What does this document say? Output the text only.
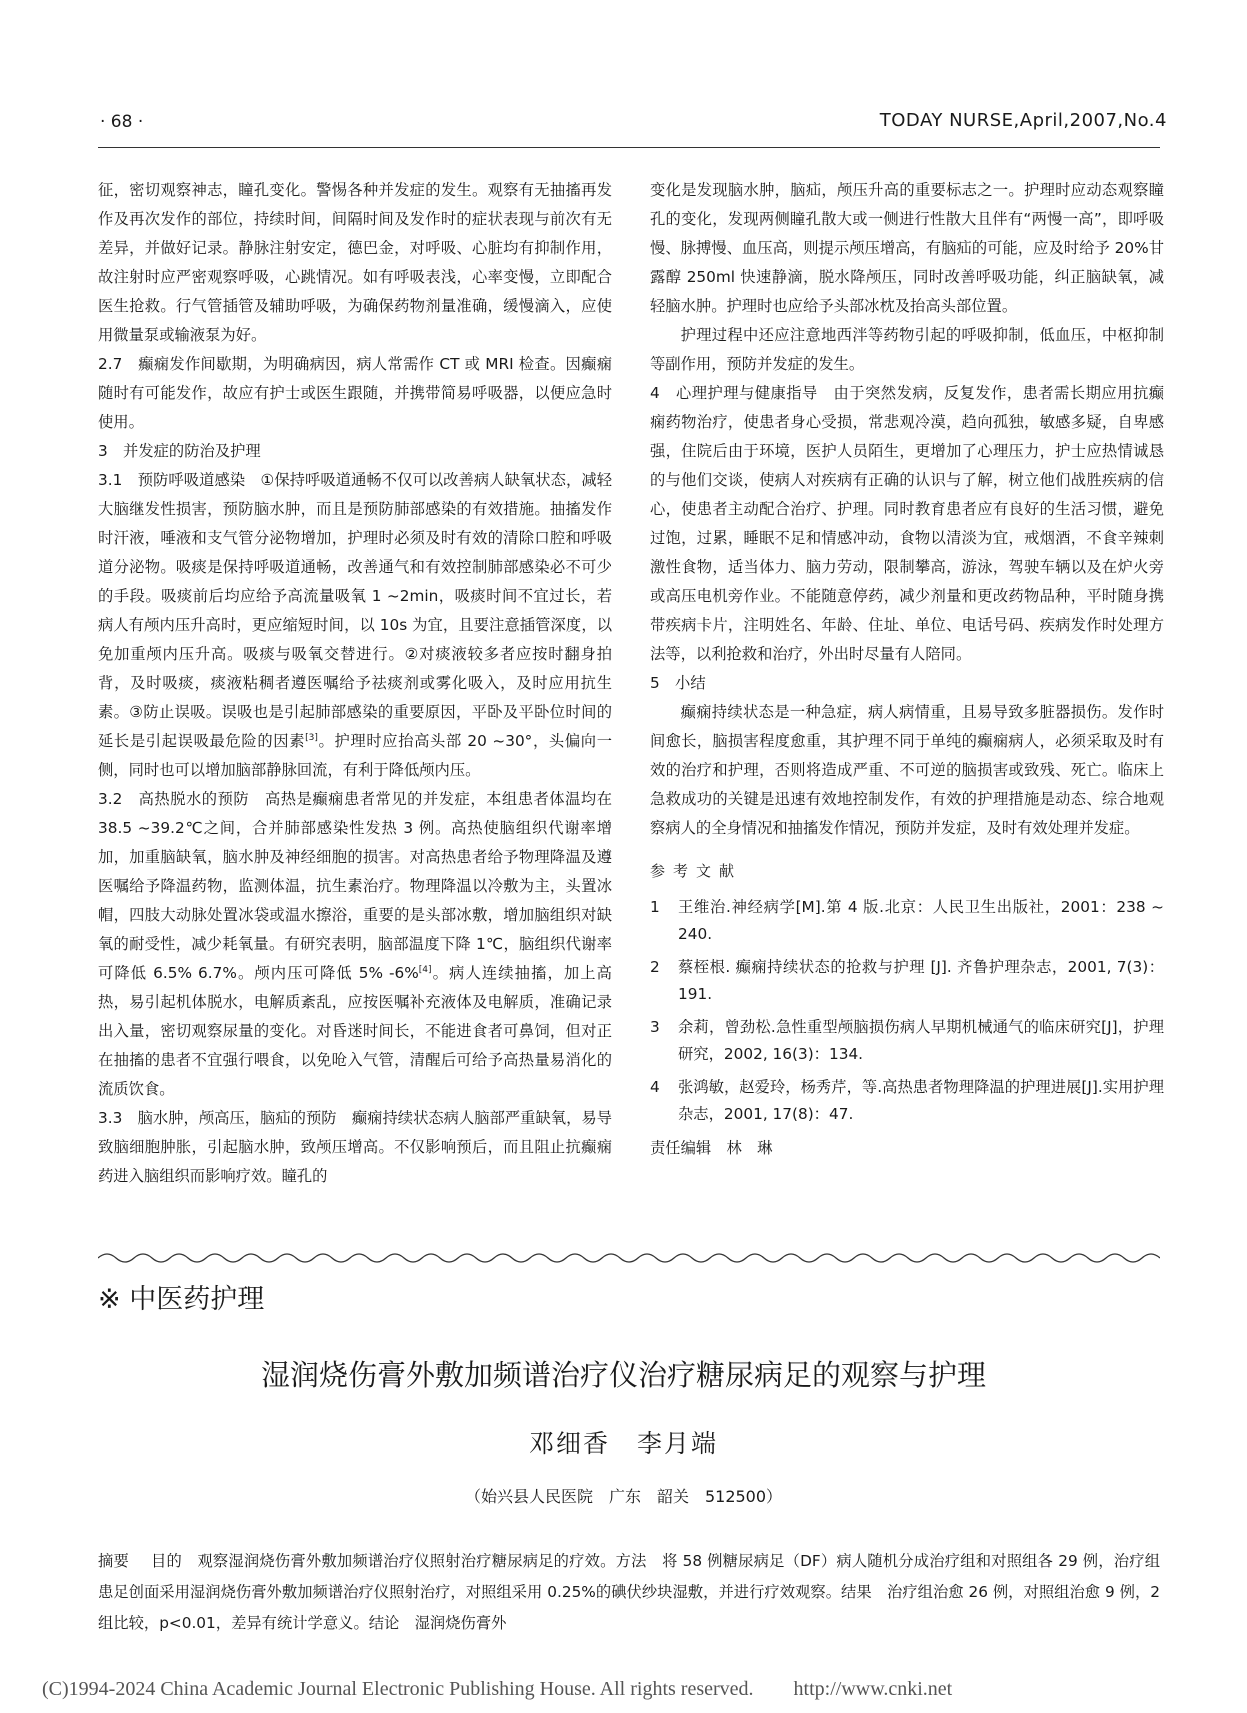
· 68 ·	TODAY NURSE,April,2007,No.4

征，密切观察神志，瞳孔变化。警惕各种并发症的发生。观察有无抽搐再发作及再次发作的部位，持续时间，间隔时间及发作时的症状表现与前次有无差异，并做好记录。静脉注射安定，德巴金，对呼吸、心脏均有抑制作用，故注射时应严密观察呼吸，心跳情况。如有呼吸表浅，心率变慢，立即配合医生抢救。行气管插管及辅助呼吸，为确保药物剂量准确，缓慢滴入，应使用微量泵或输液泵为好。

2.7　癫痫发作间歇期，为明确病因，病人常需作 CT 或 MRI 检查。因癫痫随时有可能发作，故应有护士或医生跟随，并携带简易呼吸器，以便应急时使用。

3　并发症的防治及护理

3.1　预防呼吸道感染　①保持呼吸道通畅不仅可以改善病人缺氧状态，减轻大脑继发性损害，预防脑水肿，而且是预防肺部感染的有效措施。抽搐发作时汗液，唾液和支气管分泌物增加，护理时必须及时有效的清除口腔和呼吸道分泌物。吸痰是保持呼吸道通畅，改善通气和有效控制肺部感染必不可少的手段。吸痰前后均应给予高流量吸氧 1 ~2min，吸痰时间不宜过长，若病人有颅内压升高时，更应缩短时间，以 10s 为宜，且要注意插管深度，以免加重颅内压升高。吸痰与吸氧交替进行。②对痰液较多者应按时翻身拍背，及时吸痰，痰液粘稠者遵医嘱给予祛痰剂或雾化吸入，及时应用抗生素。③防止误吸。误吸也是引起肺部感染的重要原因，平卧及平卧位时间的延长是引起误吸最危险的因素[3]。护理时应抬高头部 20 ~30°，头偏向一侧，同时也可以增加脑部静脉回流，有利于降低颅内压。

3.2　高热脱水的预防　高热是癫痫患者常见的并发症，本组患者体温均在 38.5 ~39.2℃之间，合并肺部感染性发热 3 例。高热使脑组织代谢率增加，加重脑缺氧，脑水肿及神经细胞的损害。对高热患者给予物理降温及遵医嘱给予降温药物，监测体温，抗生素治疗。物理降温以冷敷为主，头置冰帽，四肢大动脉处置冰袋或温水擦浴，重要的是头部冰敷，增加脑组织对缺氧的耐受性，减少耗氧量。有研究表明，脑部温度下降 1℃，脑组织代谢率可降低 6.5% 6.7%。颅内压可降低 5% -6%[4]。病人连续抽搐，加上高热，易引起机体脱水，电解质紊乱，应按医嘱补充液体及电解质，准确记录出入量，密切观察尿量的变化。对昏迷时间长，不能进食者可鼻饲，但对正在抽搐的患者不宜强行喂食，以免呛入气管，清醒后可给予高热量易消化的流质饮食。

3.3　脑水肿，颅高压，脑疝的预防　癫痫持续状态病人脑部严重缺氧，易导致脑细胞肿胀，引起脑水肿，致颅压增高。不仅影响预后，而且阻止抗癫痫药进入脑组织而影响疗效。瞳孔的

变化是发现脑水肿，脑疝，颅压升高的重要标志之一。护理时应动态观察瞳孔的变化，发现两侧瞳孔散大或一侧进行性散大且伴有“两慢一高”，即呼吸慢、脉搏慢、血压高，则提示颅压增高，有脑疝的可能，应及时给予 20%甘露醇 250ml 快速静滴，脱水降颅压，同时改善呼吸功能，纠正脑缺氧，减轻脑水肿。护理时也应给予头部冰枕及抬高头部位置。

护理过程中还应注意地西泮等药物引起的呼吸抑制，低血压，中枢抑制等副作用，预防并发症的发生。

4　心理护理与健康指导　由于突然发病，反复发作，患者需长期应用抗癫痫药物治疗，使患者身心受损，常悲观冷漠，趋向孤独，敏感多疑，自卑感强，住院后由于环境，医护人员陌生，更增加了心理压力，护士应热情诚恳的与他们交谈，使病人对疾病有正确的认识与了解，树立他们战胜疾病的信心，使患者主动配合治疗、护理。同时教育患者应有良好的生活习惯，避免过饱，过累，睡眠不足和情感冲动，食物以清淡为宜，戒烟酒，不食辛辣刺激性食物，适当体力、脑力劳动，限制攀高，游泳，驾驶车辆以及在炉火旁或高压电机旁作业。不能随意停药，减少剂量和更改药物品种，平时随身携带疾病卡片，注明姓名、年龄、住址、单位、电话号码、疾病发作时处理方法等，以利抢救和治疗，外出时尽量有人陪同。

5　小结

癫痫持续状态是一种急症，病人病情重，且易导致多脏器损伤。发作时间愈长，脑损害程度愈重，其护理不同于单纯的癫痫病人，必须采取及时有效的治疗和护理，否则将造成严重、不可逆的脑损害或致残、死亡。临床上急救成功的关键是迅速有效地控制发作，有效的护理措施是动态、综合地观察病人的全身情况和抽搐发作情况，预防并发症，及时有效处理并发症。

参考文献

1	王维治.神经病学[M].第 4 版.北京：人民卫生出版社，2001：238 ~ 240.
2	蔡桎根. 癫痫持续状态的抢救与护理 [J]. 齐鲁护理杂志，2001, 7(3)：191.
3	余莉，曾劲松.急性重型颅脑损伤病人早期机械通气的临床研究[J]，护理研究，2002, 16(3)：134.
4	张鸿敏，赵爱玲，杨秀芹，等.高热患者物理降温的护理进展[J].实用护理杂志，2001, 17(8)：47.

责任编辑　林　琳

※ 中医药护理
湿润烧伤膏外敷加频谱治疗仪治疗糖尿病足的观察与护理
邓细香　李月端
（始兴县人民医院　广东　韶关　512500）
摘要 目的　观察湿润烧伤膏外敷加频谱治疗仪照射治疗糖尿病足的疗效。方法　将 58 例糖尿病足（DF）病人随机分成治疗组和对照组各 29 例，治疗组患足创面采用湿润烧伤膏外敷加频谱治疗仪照射治疗，对照组采用 0.25%的碘伏纱块湿敷，并进行疗效观察。结果　治疗组治愈 26 例，对照组治愈 9 例，2 组比较，p<0.01，差异有统计学意义。结论　湿润烧伤膏外
(C)1994-2024 China Academic Journal Electronic Publishing House. All rights reserved.　　http://www.cnki.net
